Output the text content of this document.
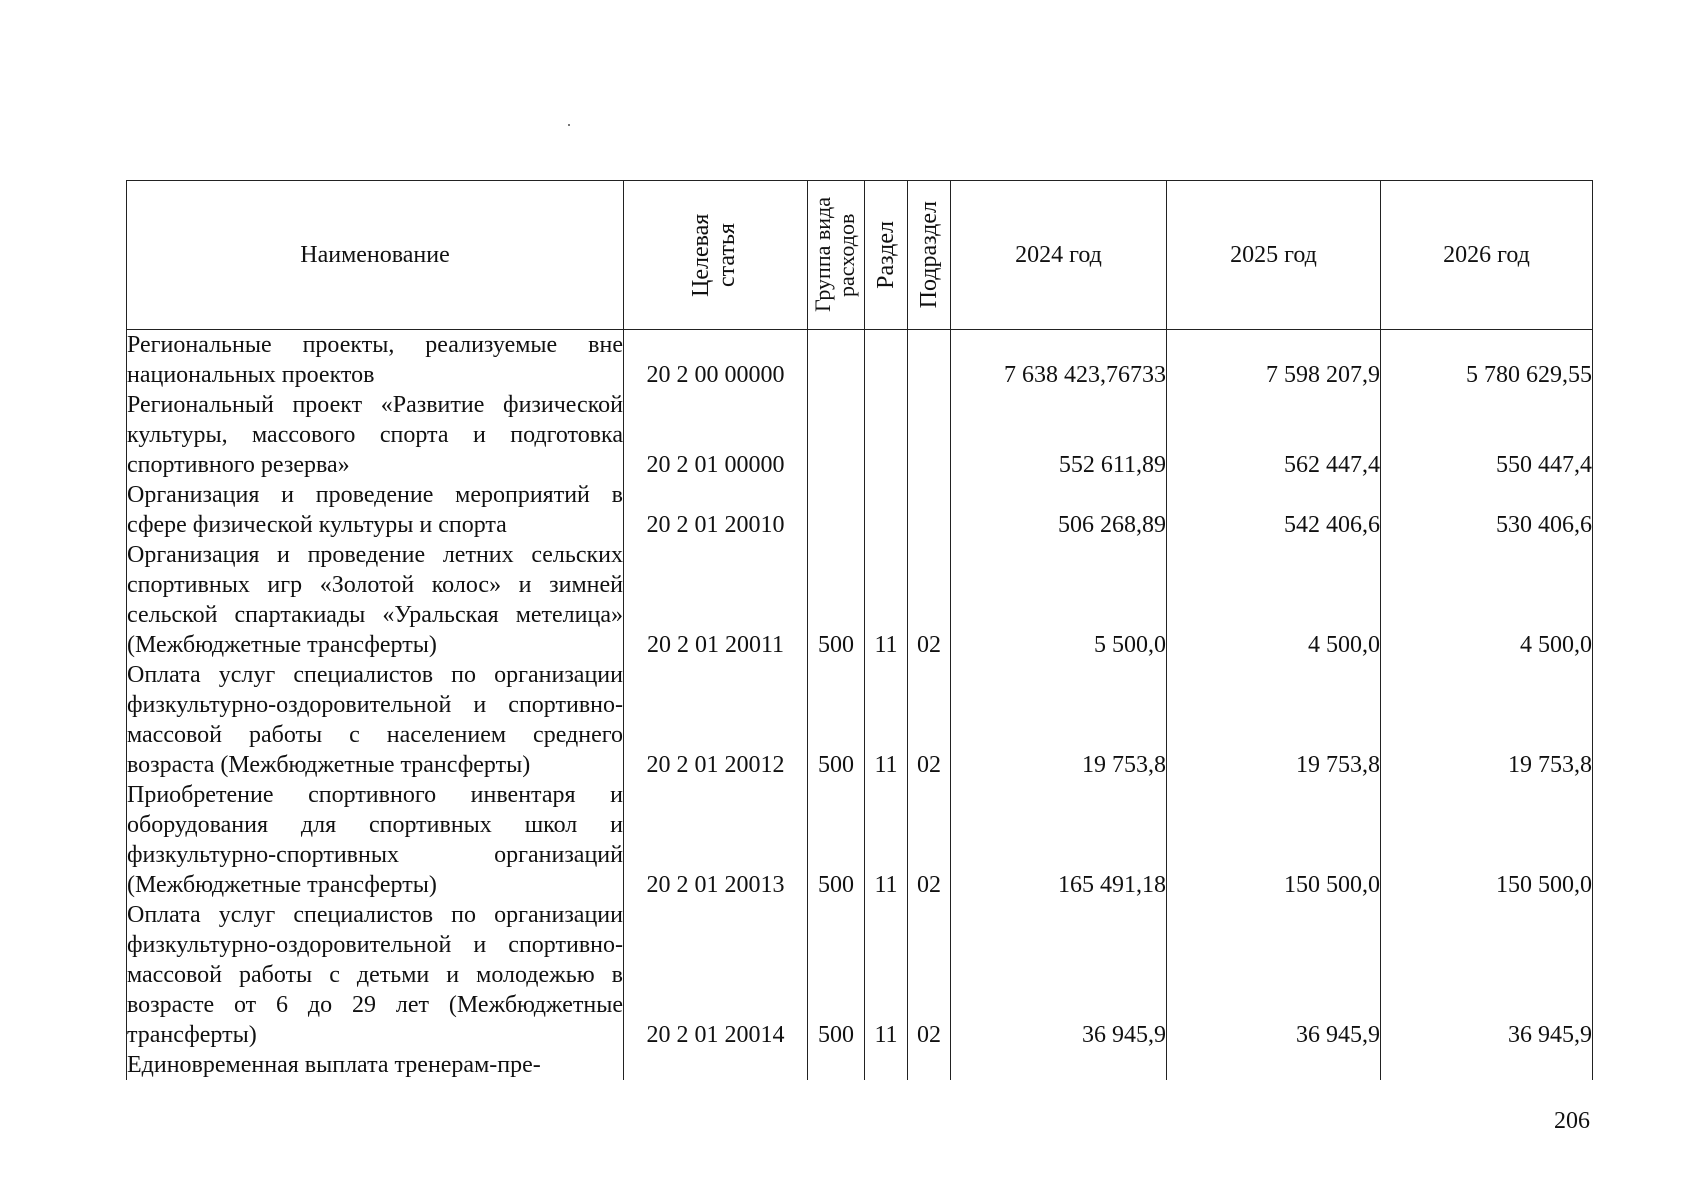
Наименование	Целевая статья	Группа вида расходов	Раздел	Подраздел	2024 год	2025 год	2026 год
Региональные проекты, реализуемые вне национальных проектов	20 2 00 00000				7 638 423,76733	7 598 207,9	5 780 629,55
Региональный проект «Развитие физической культуры, массового спорта и подготовка спортивного резерва»	20 2 01 00000				552 611,89	562 447,4	550 447,4
Организация и проведение мероприятий в сфере физической культуры и спорта	20 2 01 20010				506 268,89	542 406,6	530 406,6
Организация и проведение летних сельских спортивных игр «Золотой колос» и зимней сельской спартакиады «Уральская метелица» (Межбюджетные трансферты)	20 2 01 20011	500	11	02	5 500,0	4 500,0	4 500,0
Оплата услуг специалистов по организации физкультурно-оздоровительной и спортивно-массовой работы с населением среднего возраста (Межбюджетные трансферты)	20 2 01 20012	500	11	02	19 753,8	19 753,8	19 753,8
Приобретение спортивного инвентаря и оборудования для спортивных школ и физкультурно-спортивных организаций (Межбюджетные трансферты)	20 2 01 20013	500	11	02	165 491,18	150 500,0	150 500,0
Оплата услуг специалистов по организации физкультурно-оздоровительной и спортивно-массовой работы с детьми и молодежью в возрасте от 6 до 29 лет (Межбюджетные трансферты)	20 2 01 20014	500	11	02	36 945,9	36 945,9	36 945,9
Единовременная выплата тренерам-пре-							
206
